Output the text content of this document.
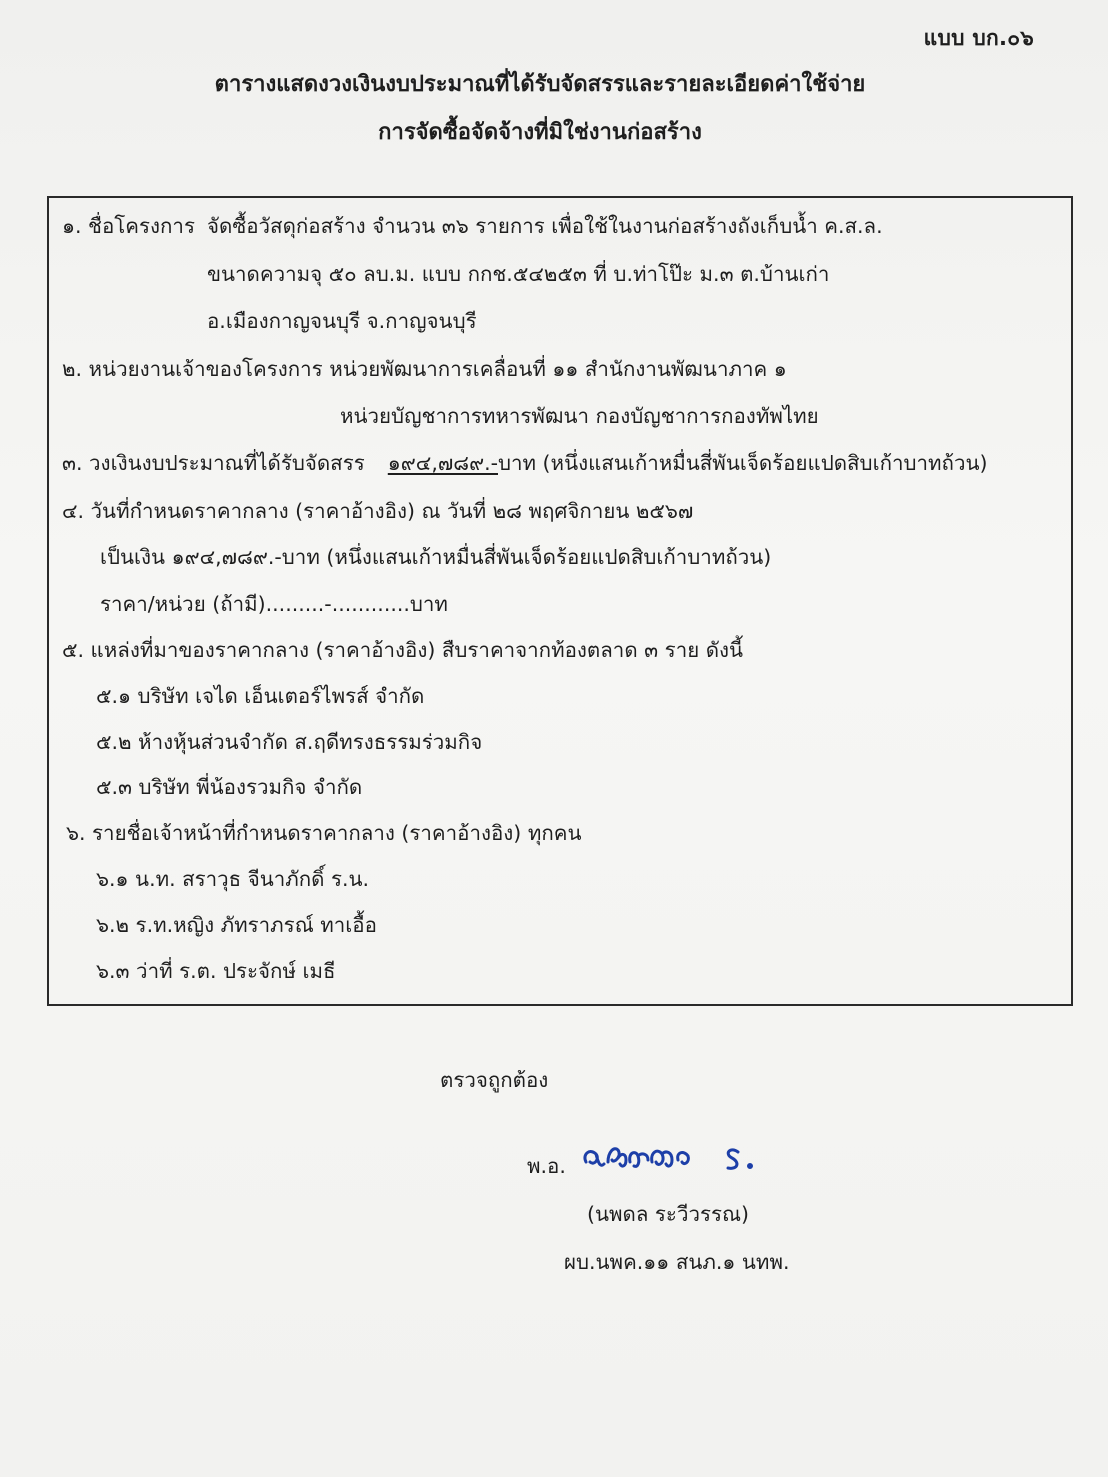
แบบ บก.๐๖
ตารางแสดงวงเงินงบประมาณที่ได้รับจัดสรรและรายละเอียดค่าใช้จ่าย
การจัดซื้อจัดจ้างที่มิใช่งานก่อสร้าง
๑. ชื่อโครงการ จัดซื้อวัสดุก่อสร้าง จำนวน ๓๖ รายการ เพื่อใช้ในงานก่อสร้างถังเก็บน้ำ ค.ส.ล.
ขนาดความจุ ๕๐ ลบ.ม. แบบ กกช.๕๔๒๕๓ ที่ บ.ท่าโป๊ะ ม.๓ ต.บ้านเก่า
อ.เมืองกาญจนบุรี จ.กาญจนบุรี
๒. หน่วยงานเจ้าของโครงการ หน่วยพัฒนาการเคลื่อนที่ ๑๑ สำนักงานพัฒนาภาค ๑
หน่วยบัญชาการทหารพัฒนา กองบัญชาการกองทัพไทย
๓. วงเงินงบประมาณที่ได้รับจัดสรร ๑๙๔,๗๘๙.-บาท (หนึ่งแสนเก้าหมื่นสี่พันเจ็ดร้อยแปดสิบเก้าบาทถ้วน)
๔. วันที่กำหนดราคากลาง (ราคาอ้างอิง) ณ วันที่ ๒๘ พฤศจิกายน ๒๕๖๗
เป็นเงิน ๑๙๔,๗๘๙.-บาท (หนึ่งแสนเก้าหมื่นสี่พันเจ็ดร้อยแปดสิบเก้าบาทถ้วน)
ราคา/หน่วย (ถ้ามี).........-............บาท
๕. แหล่งที่มาของราคากลาง (ราคาอ้างอิง) สืบราคาจากท้องตลาด ๓ ราย ดังนี้
๕.๑ บริษัท เจได เอ็นเตอร์ไพรส์ จำกัด
๕.๒ ห้างหุ้นส่วนจำกัด ส.ฤดีทรงธรรมร่วมกิจ
๕.๓ บริษัท พี่น้องรวมกิจ จำกัด
๖. รายชื่อเจ้าหน้าที่กำหนดราคากลาง (ราคาอ้างอิง) ทุกคน
๖.๑ น.ท. สราวุธ จีนาภักดิ์ ร.น.
๖.๒ ร.ท.หญิง ภัทราภรณ์ ทาเอื้อ
๖.๓ ว่าที่ ร.ต. ประจักษ์ เมธี
ตรวจถูกต้อง
พ.อ.
(นพดล ระวีวรรณ)
ผบ.นพค.๑๑ สนภ.๑ นทพ.
